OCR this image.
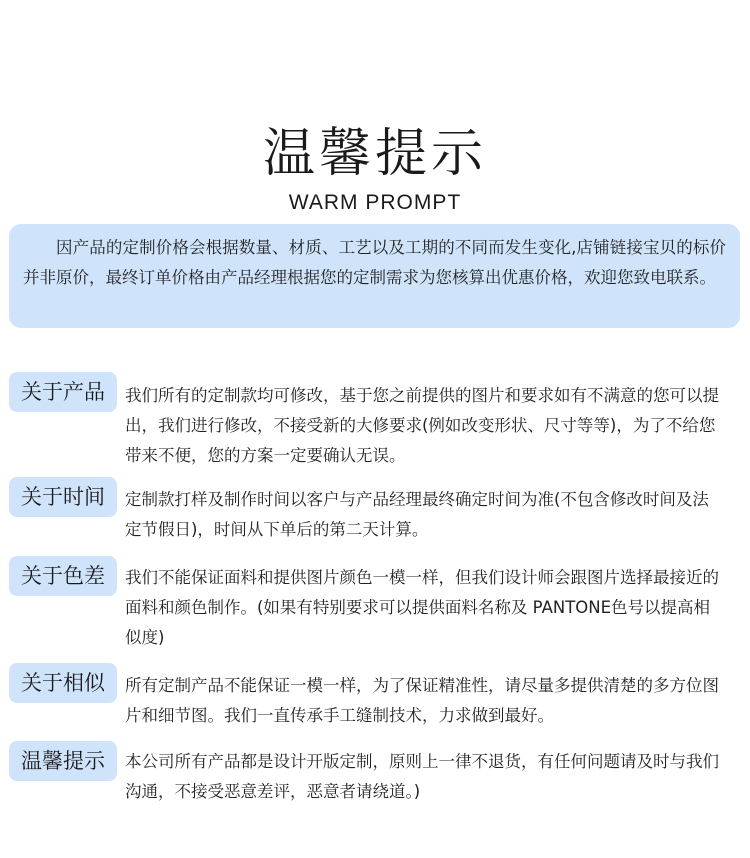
温馨提示
WARM PROMPT
因产品的定制价格会根据数量、材质、工艺以及工期的不同而发生变化,店铺链接宝贝的标价并非原价，最终订单价格由产品经理根据您的定制需求为您核算出优惠价格，欢迎您致电联系。
关于产品	我们所有的定制款均可修改，基于您之前提供的图片和要求如有不满意的您可以提出，我们进行修改，不接受新的大修要求(例如改变形状、尺寸等等)，为了不给您带来不便，您的方案一定要确认无误。
关于时间	定制款打样及制作时间以客户与产品经理最终确定时间为准(不包含修改时间及法定节假日)，时间从下单后的第二天计算。
关于色差	我们不能保证面料和提供图片颜色一模一样，但我们设计师会跟图片选择最接近的面料和颜色制作。(如果有特别要求可以提供面料名称及 PANTONE色号以提高相似度)
关于相似	所有定制产品不能保证一模一样，为了保证精准性，请尽量多提供清楚的多方位图片和细节图。我们一直传承手工缝制技术，力求做到最好。
温馨提示	本公司所有产品都是设计开版定制，原则上一律不退货，有任何问题请及时与我们沟通，不接受恶意差评，恶意者请绕道。)
